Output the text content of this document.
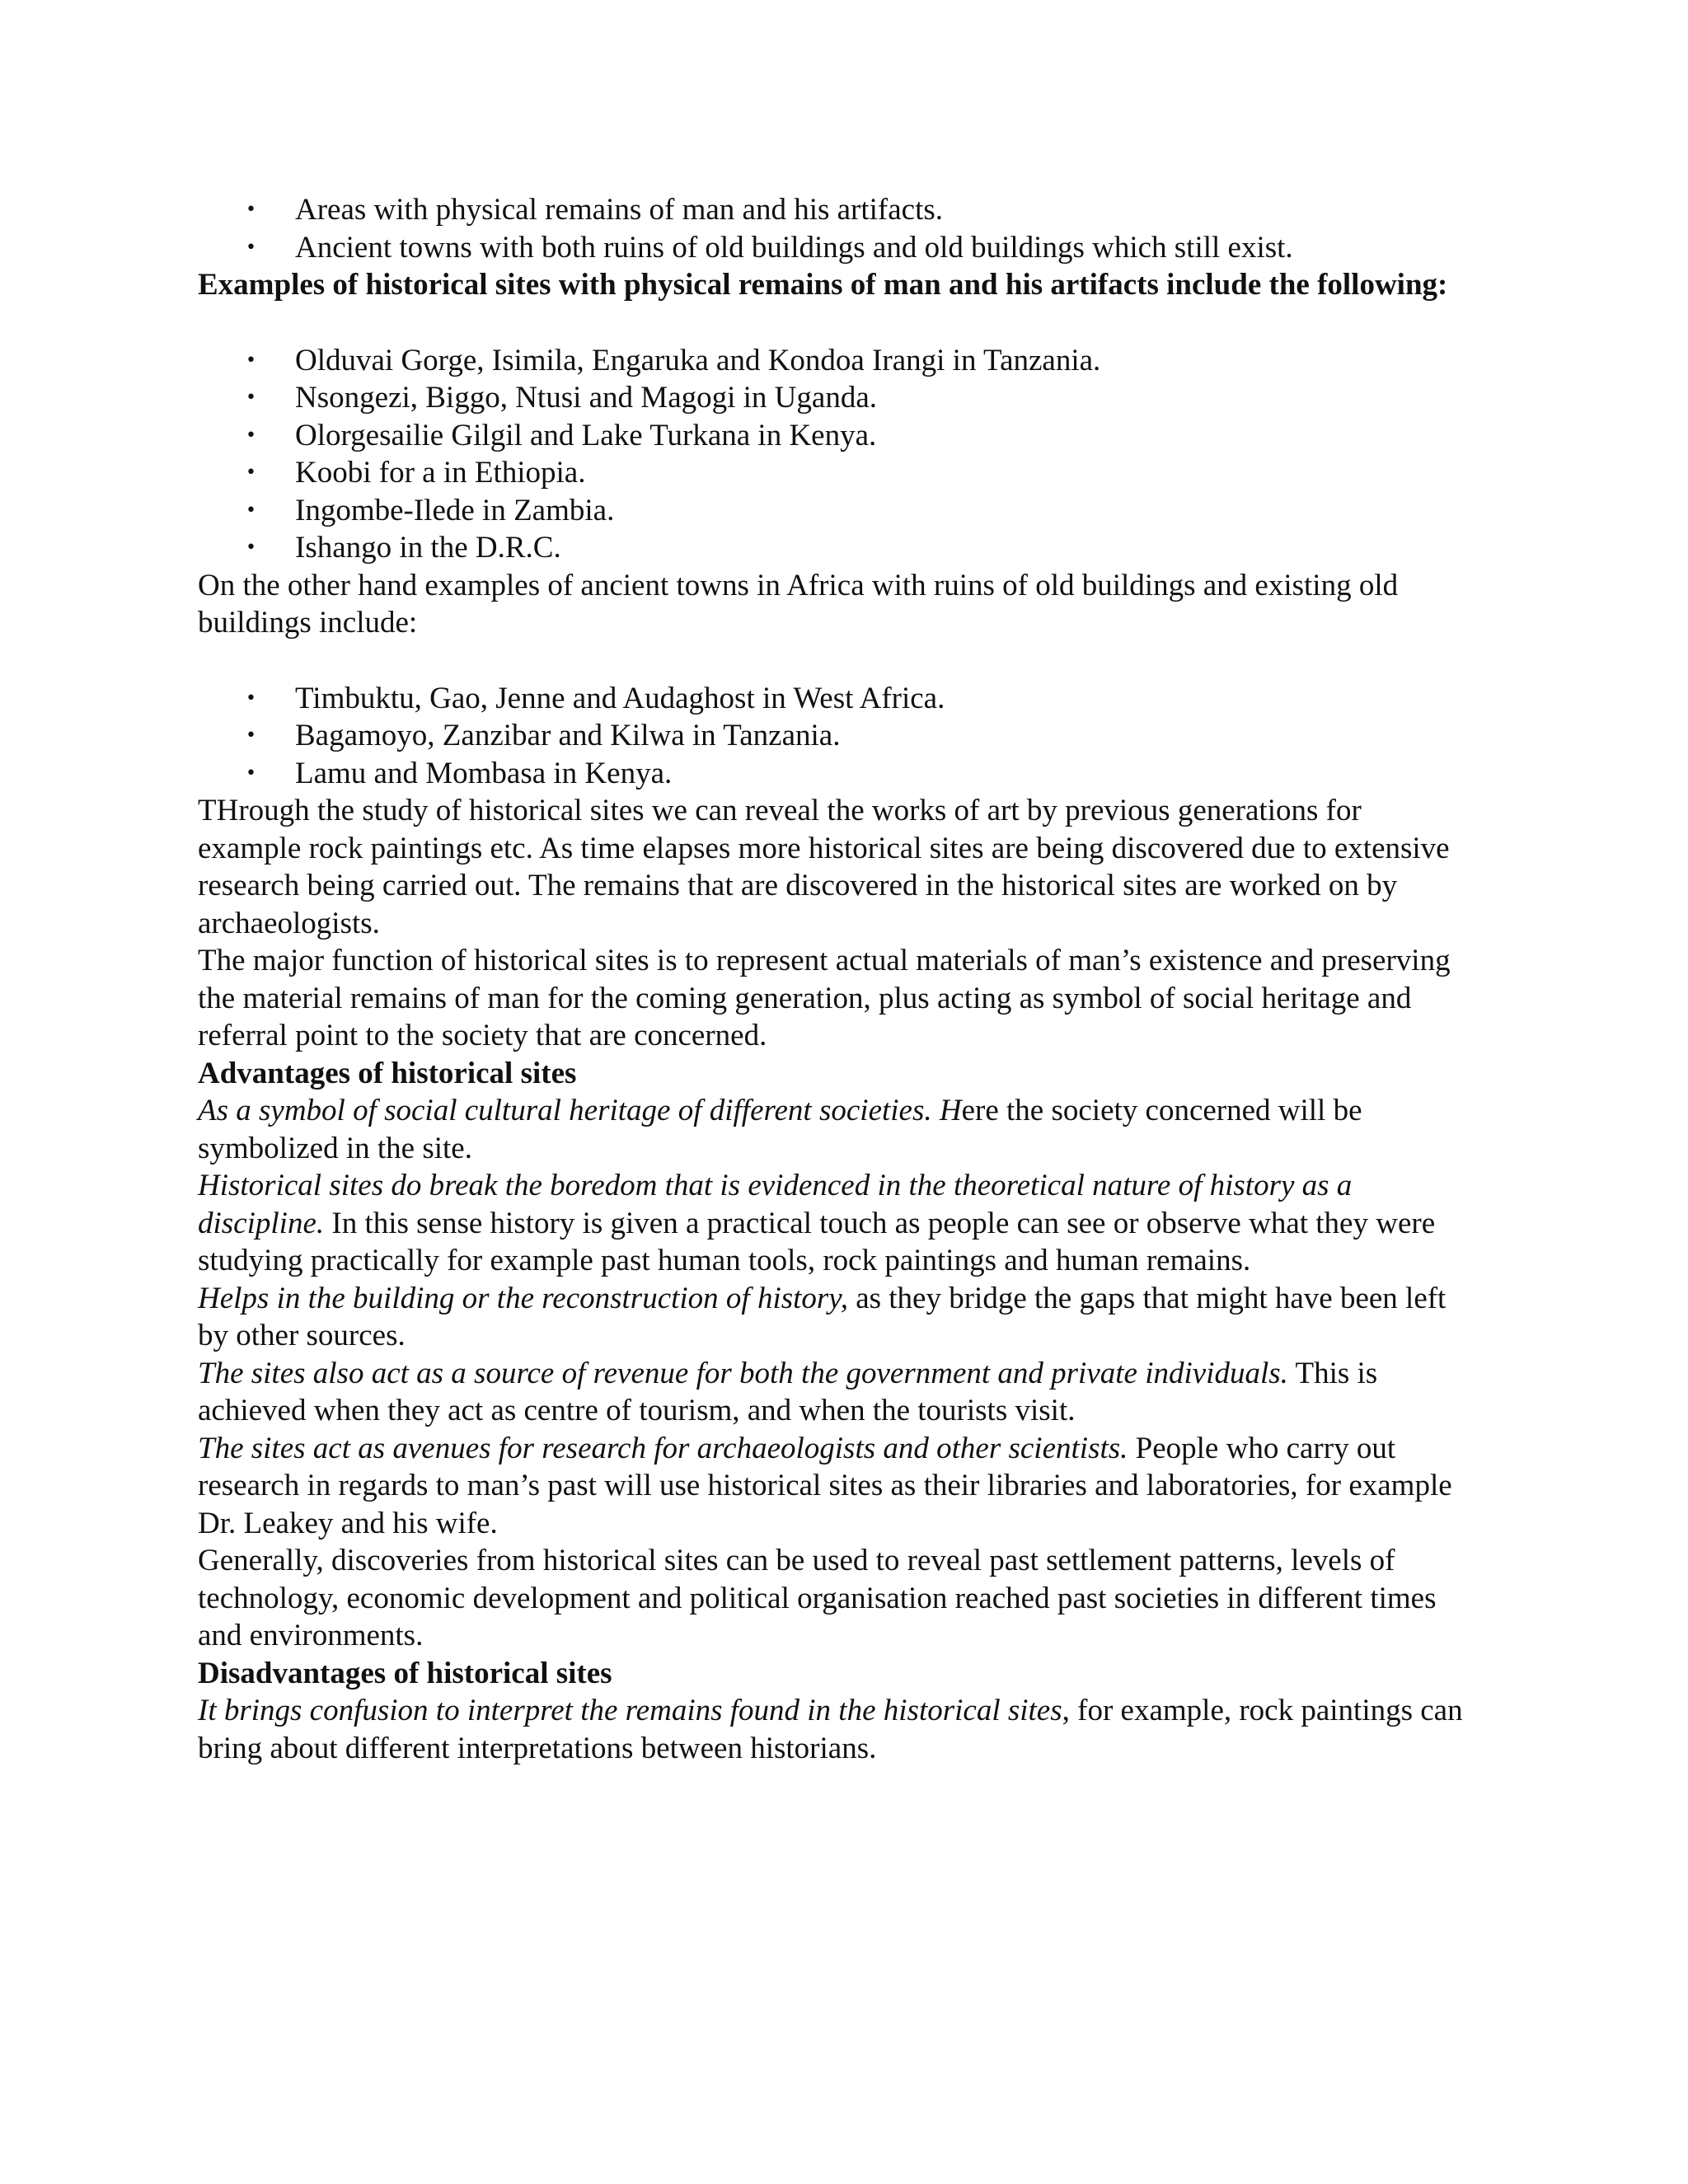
• Areas with physical remains of man and his artifacts.
• Ancient towns with both ruins of old buildings and old buildings which still exist.

Examples of historical sites with physical remains of man and his artifacts include the following:

• Olduvai Gorge, Isimila, Engaruka and Kondoa Irangi in Tanzania.
• Nsongezi, Biggo, Ntusi and Magogi in Uganda.
• Olorgesailie Gilgil and Lake Turkana in Kenya.
• Koobi for a in Ethiopia.
• Ingombe-Ilede in Zambia.
• Ishango in the D.R.C.

On the other hand examples of ancient towns in Africa with ruins of old buildings and existing old buildings include:

• Timbuktu, Gao, Jenne and Audaghost in West Africa.
• Bagamoyo, Zanzibar and Kilwa in Tanzania.
• Lamu and Mombasa in Kenya.

THrough the study of historical sites we can reveal the works of art by previous generations for example rock paintings etc. As time elapses more historical sites are being discovered due to extensive research being carried out. The remains that are discovered in the historical sites are worked on by archaeologists.

The major function of historical sites is to represent actual materials of man’s existence and preserving the material remains of man for the coming generation, plus acting as symbol of social heritage and referral point to the society that are concerned.

Advantages of historical sites

As a symbol of social cultural heritage of different societies. Here the society concerned will be symbolized in the site.

Historical sites do break the boredom that is evidenced in the theoretical nature of history as a discipline. In this sense history is given a practical touch as people can see or observe what they were studying practically for example past human tools, rock paintings and human remains.

Helps in the building or the reconstruction of history, as they bridge the gaps that might have been left by other sources.

The sites also act as a source of revenue for both the government and private individuals. This is achieved when they act as centre of tourism, and when the tourists visit.

The sites act as avenues for research for archaeologists and other scientists. People who carry out research in regards to man’s past will use historical sites as their libraries and laboratories, for example Dr. Leakey and his wife.

Generally, discoveries from historical sites can be used to reveal past settlement patterns, levels of technology, economic development and political organisation reached past societies in different times and environments.

Disadvantages of historical sites

It brings confusion to interpret the remains found in the historical sites, for example, rock paintings can bring about different interpretations between historians.
